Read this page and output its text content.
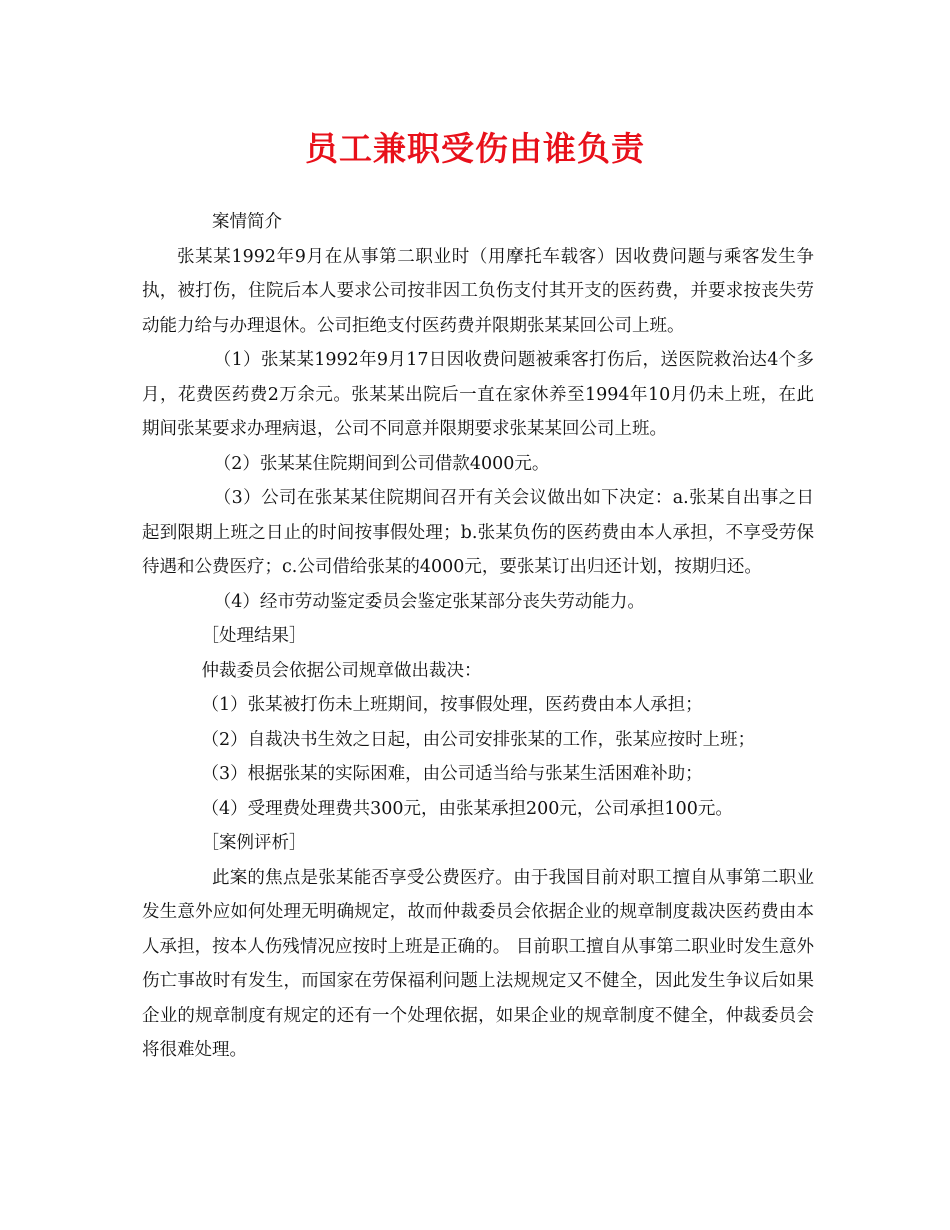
员工兼职受伤由谁负责

案情简介

张某某1992年9月在从事第二职业时（用摩托车载客）因收费问题与乘客发生争执，被打伤，住院后本人要求公司按非因工负伤支付其开支的医药费，并要求按丧失劳动能力给与办理退休。公司拒绝支付医药费并限期张某某回公司上班。

（1）张某某1992年9月17日因收费问题被乘客打伤后，送医院救治达4个多月，花费医药费2万余元。张某某出院后一直在家休养至1994年10月仍未上班，在此期间张某要求办理病退，公司不同意并限期要求张某某回公司上班。

（2）张某某住院期间到公司借款4000元。

（3）公司在张某某住院期间召开有关会议做出如下决定：a.张某自出事之日起到限期上班之日止的时间按事假处理；b.张某负伤的医药费由本人承担，不享受劳保待遇和公费医疗；c.公司借给张某的4000元，要张某订出归还计划，按期归还。

（4）经市劳动鉴定委员会鉴定张某部分丧失劳动能力。

［处理结果］

仲裁委员会依据公司规章做出裁决：

（1）张某被打伤未上班期间，按事假处理，医药费由本人承担；

（2）自裁决书生效之日起，由公司安排张某的工作，张某应按时上班；

（3）根据张某的实际困难，由公司适当给与张某生活困难补助；

（4）受理费处理费共300元，由张某承担200元，公司承担100元。

［案例评析］

此案的焦点是张某能否享受公费医疗。由于我国目前对职工擅自从事第二职业发生意外应如何处理无明确规定，故而仲裁委员会依据企业的规章制度裁决医药费由本人承担，按本人伤残情况应按时上班是正确的。 目前职工擅自从事第二职业时发生意外伤亡事故时有发生，而国家在劳保福利问题上法规规定又不健全，因此发生争议后如果企业的规章制度有规定的还有一个处理依据，如果企业的规章制度不健全，仲裁委员会将很难处理。
